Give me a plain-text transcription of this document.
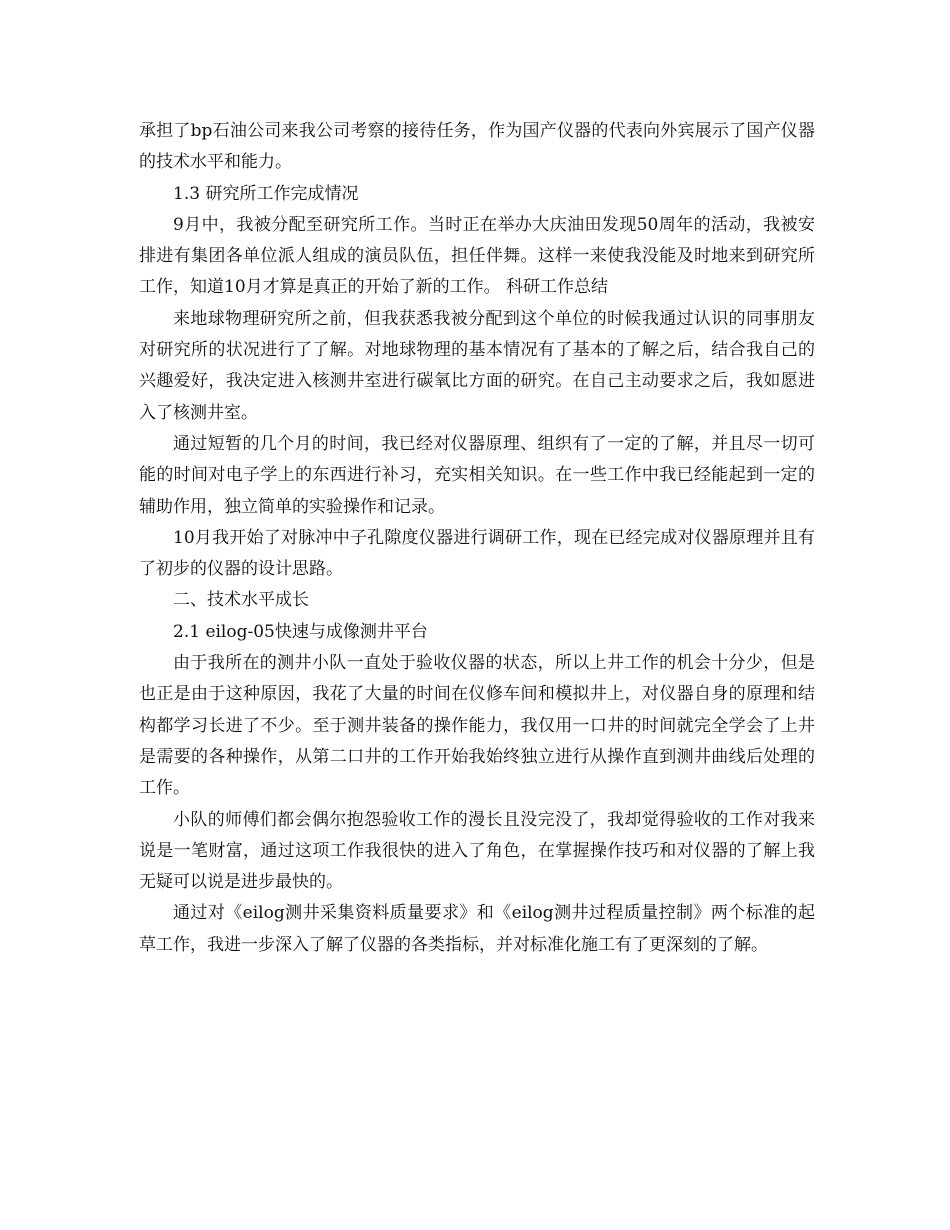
承担了bp石油公司来我公司考察的接待任务，作为国产仪器的代表向外宾展示了国产仪器的技术水平和能力。

1.3 研究所工作完成情况

9月中，我被分配至研究所工作。当时正在举办大庆油田发现50周年的活动，我被安排进有集团各单位派人组成的演员队伍，担任伴舞。这样一来使我没能及时地来到研究所工作，知道10月才算是真正的开始了新的工作。 科研工作总结

来地球物理研究所之前，但我获悉我被分配到这个单位的时候我通过认识的同事朋友对研究所的状况进行了了解。对地球物理的基本情况有了基本的了解之后，结合我自己的兴趣爱好，我决定进入核测井室进行碳氧比方面的研究。在自己主动要求之后，我如愿进入了核测井室。

通过短暂的几个月的时间，我已经对仪器原理、组织有了一定的了解，并且尽一切可能的时间对电子学上的东西进行补习，充实相关知识。在一些工作中我已经能起到一定的辅助作用，独立简单的实验操作和记录。

10月我开始了对脉冲中子孔隙度仪器进行调研工作，现在已经完成对仪器原理并且有了初步的仪器的设计思路。

二、技术水平成长

2.1 eilog-05快速与成像测井平台

由于我所在的测井小队一直处于验收仪器的状态，所以上井工作的机会十分少，但是也正是由于这种原因，我花了大量的时间在仪修车间和模拟井上，对仪器自身的原理和结构都学习长进了不少。至于测井装备的操作能力，我仅用一口井的时间就完全学会了上井是需要的各种操作，从第二口井的工作开始我始终独立进行从操作直到测井曲线后处理的工作。

小队的师傅们都会偶尔抱怨验收工作的漫长且没完没了，我却觉得验收的工作对我来说是一笔财富，通过这项工作我很快的进入了角色，在掌握操作技巧和对仪器的了解上我无疑可以说是进步最快的。

通过对《eilog测井采集资料质量要求》和《eilog测井过程质量控制》两个标准的起草工作，我进一步深入了解了仪器的各类指标，并对标准化施工有了更深刻的了解。
